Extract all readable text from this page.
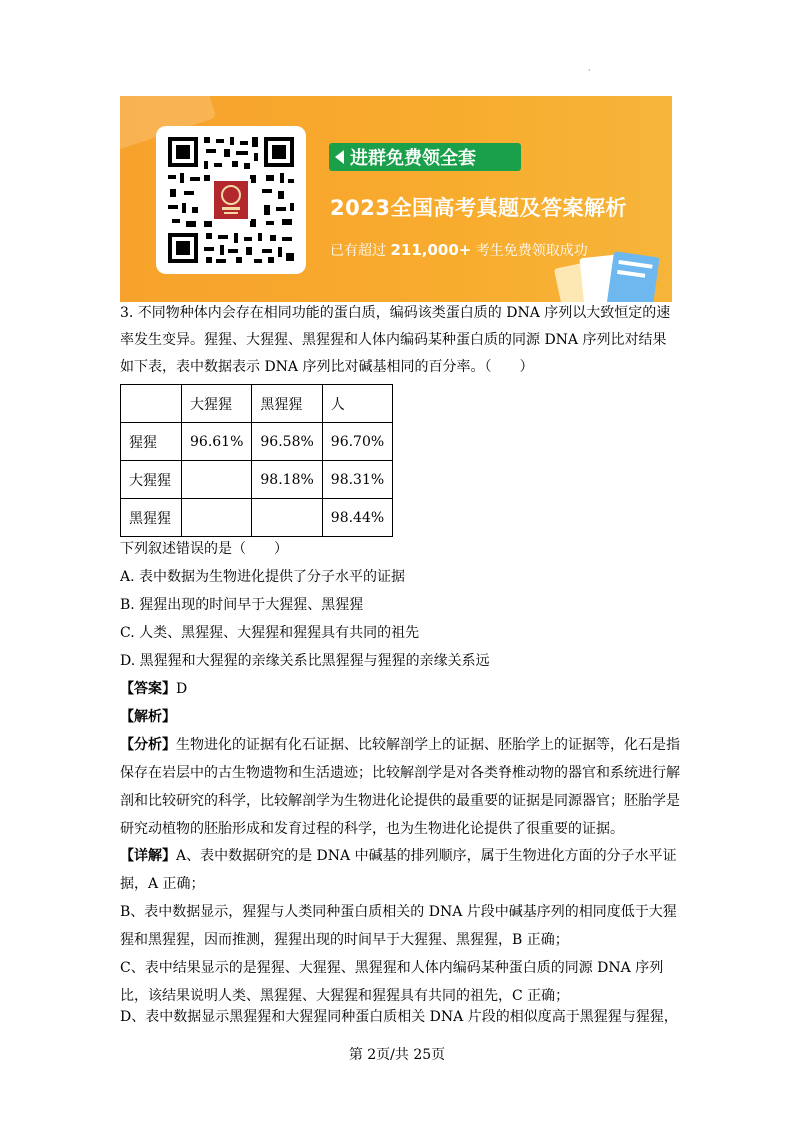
·
进群免费领全套
2023全国高考真题及答案解析
已有超过 211,000+ 考生免费领取成功
3. 不同物种体内会存在相同功能的蛋白质，编码该类蛋白质的 DNA 序列以大致恒定的速
率发生变异。猩猩、大猩猩、黑猩猩和人体内编码某种蛋白质的同源 DNA 序列比对结果
如下表，表中数据表示 DNA 序列比对碱基相同的百分率。（　　）
	大猩猩	黑猩猩	人
猩猩	96.61%	96.58%	96.70%
大猩猩		98.18%	98.31%
黑猩猩			98.44%
下列叙述错误的是（　　）
A. 表中数据为生物进化提供了分子水平的证据
B. 猩猩出现的时间早于大猩猩、黑猩猩
C. 人类、黑猩猩、大猩猩和猩猩具有共同的祖先
D. 黑猩猩和大猩猩的亲缘关系比黑猩猩与猩猩的亲缘关系远
【答案】D
【解析】
【分析】生物进化的证据有化石证据、比较解剖学上的证据、胚胎学上的证据等，化石是指保存在岩层中的古生物遗物和生活遗迹；比较解剖学是对各类脊椎动物的器官和系统进行解剖和比较研究的科学，比较解剖学为生物进化论提供的最重要的证据是同源器官；胚胎学是研究动植物的胚胎形成和发育过程的科学，也为生物进化论提供了很重要的证据。
【详解】A、表中数据研究的是 DNA 中碱基的排列顺序，属于生物进化方面的分子水平证据，A 正确；
B、表中数据显示，猩猩与人类同种蛋白质相关的 DNA 片段中碱基序列的相同度低于大猩猩和黑猩猩，因而推测，猩猩出现的时间早于大猩猩、黑猩猩，B 正确；
C、表中结果显示的是猩猩、大猩猩、黑猩猩和人体内编码某种蛋白质的同源 DNA 序列比，该结果说明人类、黑猩猩、大猩猩和猩猩具有共同的祖先，C 正确；
D、表中数据显示黑猩猩和大猩猩同种蛋白质相关 DNA 片段的相似度高于黑猩猩与猩猩，
第 2页/共 25页
